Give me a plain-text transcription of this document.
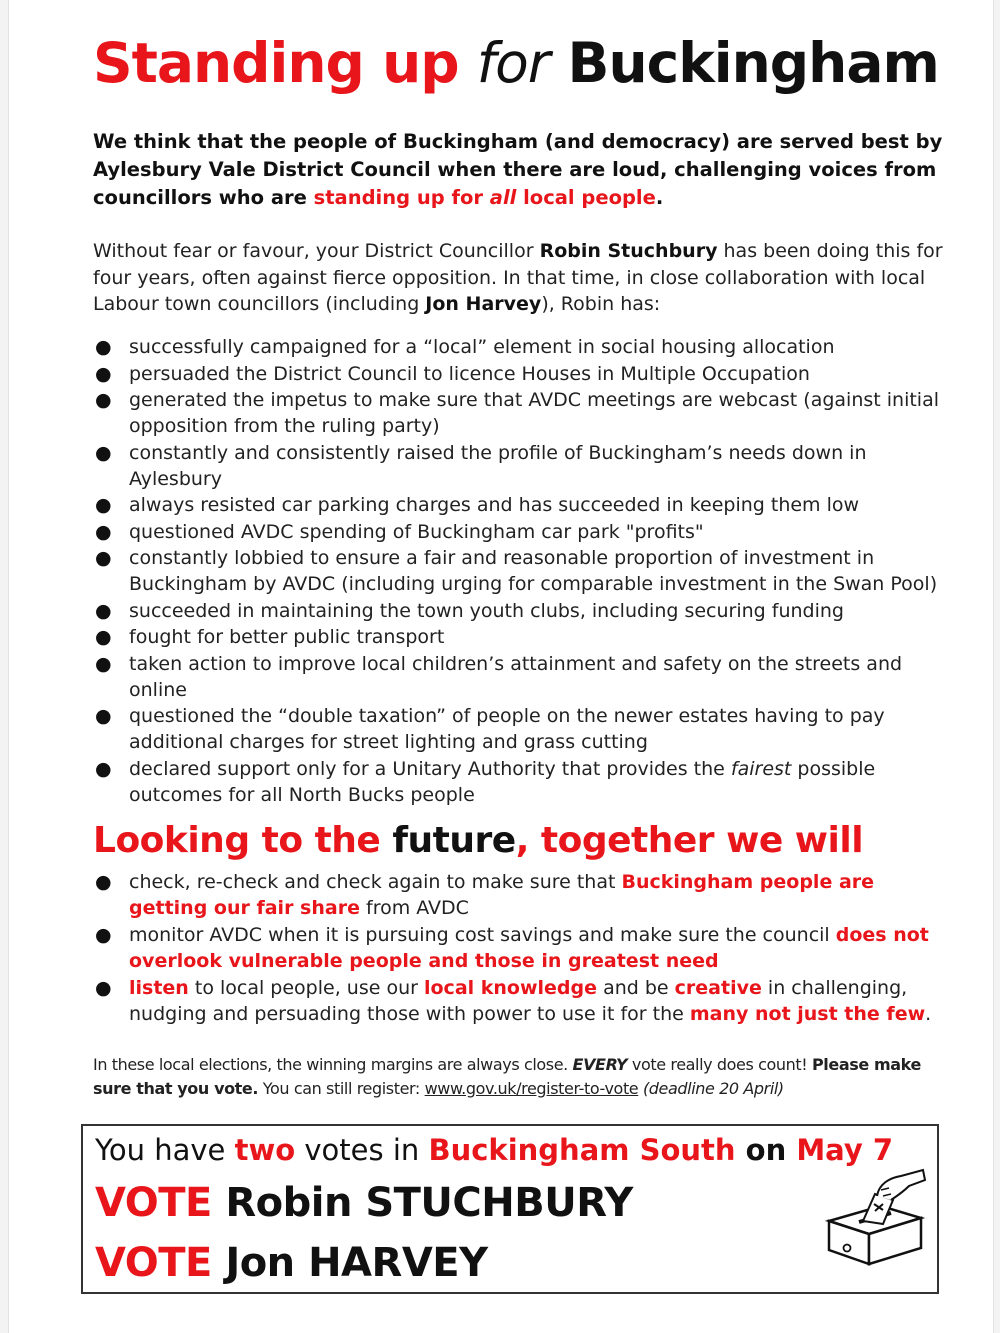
Standing up for Buckingham

We think that the people of Buckingham (and democracy) are served best by Aylesbury Vale District Council when there are loud, challenging voices from councillors who are standing up for all local people.

Without fear or favour, your District Councillor Robin Stuchbury has been doing this for four years, often against fierce opposition. In that time, in close collaboration with local Labour town councillors (including Jon Harvey), Robin has:

● successfully campaigned for a “local” element in social housing allocation
● persuaded the District Council to licence Houses in Multiple Occupation
● generated the impetus to make sure that AVDC meetings are webcast (against initial opposition from the ruling party)
● constantly and consistently raised the profile of Buckingham’s needs down in Aylesbury
● always resisted car parking charges and has succeeded in keeping them low
● questioned AVDC spending of Buckingham car park "profits"
● constantly lobbied to ensure a fair and reasonable proportion of investment in Buckingham by AVDC (including urging for comparable investment in the Swan Pool)
● succeeded in maintaining the town youth clubs, including securing funding
● fought for better public transport
● taken action to improve local children’s attainment and safety on the streets and online
● questioned the “double taxation” of people on the newer estates having to pay additional charges for street lighting and grass cutting
● declared support only for a Unitary Authority that provides the fairest possible outcomes for all North Bucks people
Looking to the future, together we will
● check, re-check and check again to make sure that Buckingham people are getting our fair share from AVDC
● monitor AVDC when it is pursuing cost savings and make sure the council does not overlook vulnerable people and those in greatest need
● listen to local people, use our local knowledge and be creative in challenging, nudging and persuading those with power to use it for the many not just the few.

In these local elections, the winning margins are always close. EVERY vote really does count! Please make sure that you vote. You can still register: www.gov.uk/register-to-vote (deadline 20 April)

You have two votes in Buckingham South on May 7
VOTE Robin STUCHBURY
VOTE Jon HARVEY
